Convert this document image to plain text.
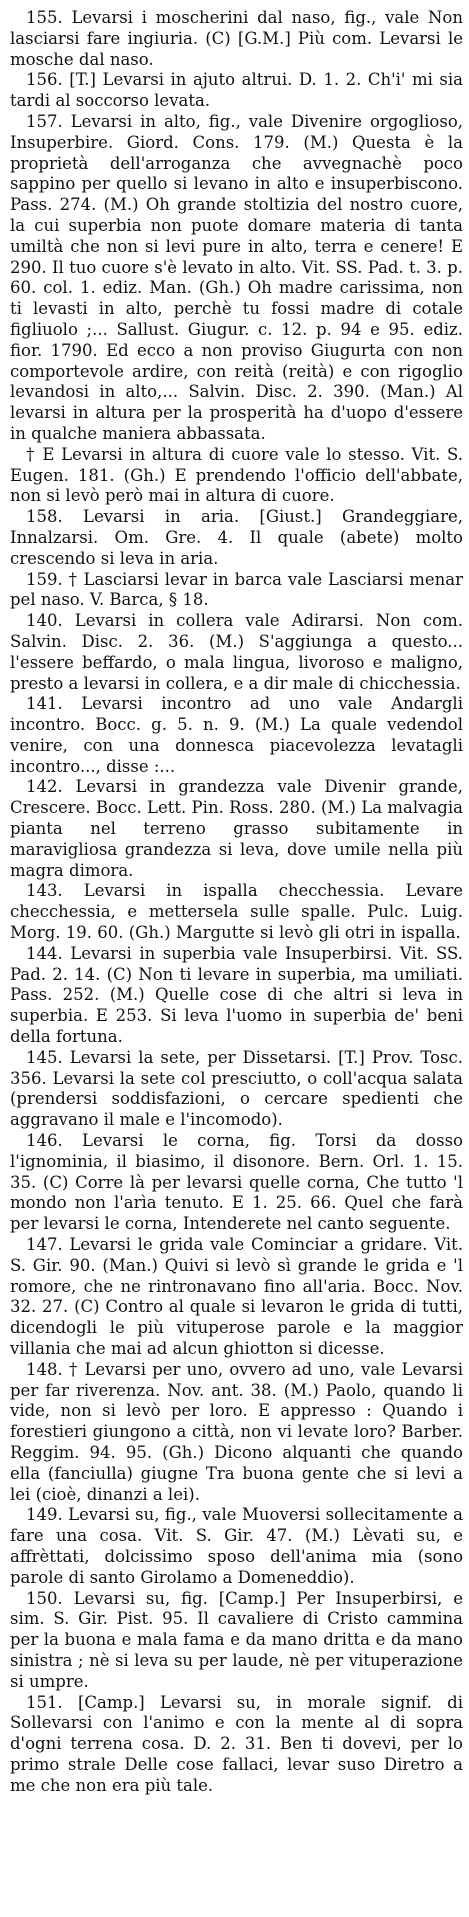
155. Levarsi i moscherini dal naso, fig., vale Non lasciarsi fare ingiuria. (C) [G.M.] Più com. Levarsi le mosche dal naso.

156. [T.] Levarsi in ajuto altrui. D. 1. 2. Ch'i' mi sia tardi al soccorso levata.

157. Levarsi in alto, fig., vale Divenire orgoglioso, Insuperbire. Giord. Cons. 179. (M.) Questa è la proprietà dell'arroganza che avvegnachè poco sappino per quello si levano in alto e insuperbiscono. Pass. 274. (M.) Oh grande stoltizia del nostro cuore, la cui superbia non puote domare materia di tanta umiltà che non si levi pure in alto, terra e cenere! E 290. Il tuo cuore s'è levato in alto. Vit. SS. Pad. t. 3. p. 60. col. 1. ediz. Man. (Gh.) Oh madre carissima, non ti levasti in alto, perchè tu fossi madre di cotale figliuolo ;... Sallust. Giugur. c. 12. p. 94 e 95. ediz. fior. 1790. Ed ecco a non proviso Giugurta con non comportevole ardire, con reità (reità) e con rigoglio levandosi in alto,... Salvin. Disc. 2. 390. (Man.) Al levarsi in altura per la prosperità ha d'uopo d'essere in qualche maniera abbassata.

† E Levarsi in altura di cuore vale lo stesso. Vit. S. Eugen. 181. (Gh.) E prendendo l'officio dell'abbate, non si levò però mai in altura di cuore.

158. Levarsi in aria. [Giust.] Grandeggiare, Innalzarsi. Om. Gre. 4. Il quale (abete) molto crescendo si leva in aria.

159. † Lasciarsi levar in barca vale Lasciarsi menar pel naso. V. Barca, § 18.

140. Levarsi in collera vale Adirarsi. Non com. Salvin. Disc. 2. 36. (M.) S'aggiunga a questo... l'essere beffardo, o mala lingua, livoroso e maligno, presto a levarsi in collera, e a dir male di chicchessia.

141. Levarsi incontro ad uno vale Andargli incontro. Bocc. g. 5. n. 9. (M.) La quale vedendol venire, con una donnesca piacevolezza levatagli incontro..., disse :...

142. Levarsi in grandezza vale Divenir grande, Crescere. Bocc. Lett. Pin. Ross. 280. (M.) La malvagia pianta nel terreno grasso subitamente in maravigliosa grandezza si leva, dove umile nella più magra dimora.

143. Levarsi in ispalla checchessia. Levare checchessia, e mettersela sulle spalle. Pulc. Luig. Morg. 19. 60. (Gh.) Margutte si levò gli otri in ispalla.

144. Levarsi in superbia vale Insuperbirsi. Vit. SS. Pad. 2. 14. (C) Non ti levare in superbia, ma umiliati. Pass. 252. (M.) Quelle cose di che altri si leva in superbia. E 253. Si leva l'uomo in superbia de' beni della fortuna.

145. Levarsi la sete, per Dissetarsi. [T.] Prov. Tosc. 356. Levarsi la sete col presciutto, o coll'acqua salata (prendersi soddisfazioni, o cercare spedienti che aggravano il male e l'incomodo).

146. Levarsi le corna, fig. Torsi da dosso l'ignominia, il biasimo, il disonore. Bern. Orl. 1. 15. 35. (C) Corre là per levarsi quelle corna, Che tutto 'l mondo non l'arìa tenuto. E 1. 25. 66. Quel che farà per levarsi le corna, Intenderete nel canto seguente.

147. Levarsi le grida vale Cominciar a gridare. Vit. S. Gir. 90. (Man.) Quivi si levò sì grande le grida e 'l romore, che ne rintronavano fino all'aria. Bocc. Nov. 32. 27. (C) Contro al quale si levaron le grida di tutti, dicendogli le più vituperose parole e la maggior villania che mai ad alcun ghiotton si dicesse.

148. † Levarsi per uno, ovvero ad uno, vale Levarsi per far riverenza. Nov. ant. 38. (M.) Paolo, quando li vide, non si levò per loro. E appresso : Quando i forestieri giungono a città, non vi levate loro? Barber. Reggim. 94. 95. (Gh.) Dicono alquanti che quando ella (fanciulla) giugne Tra buona gente che si levi a lei (cioè, dinanzi a lei).

149. Levarsi su, fig., vale Muoversi sollecitamente a fare una cosa. Vit. S. Gir. 47. (M.) Lèvati su, e affrèttati, dolcissimo sposo dell'anima mia (sono parole di santo Girolamo a Domeneddio).

150. Levarsi su, fig. [Camp.] Per Insuperbirsi, e sim. S. Gir. Pist. 95. Il cavaliere di Cristo cammina per la buona e mala fama e da mano dritta e da mano sinistra ; nè si leva su per laude, nè per vituperazione si umpre.

151. [Camp.] Levarsi su, in morale signif. di Sollevarsi con l'animo e con la mente al di sopra d'ogni terrena cosa. D. 2. 31. Ben ti dovevi, per lo primo strale Delle cose fallaci, levar suso Diretro a me che non era più tale.
